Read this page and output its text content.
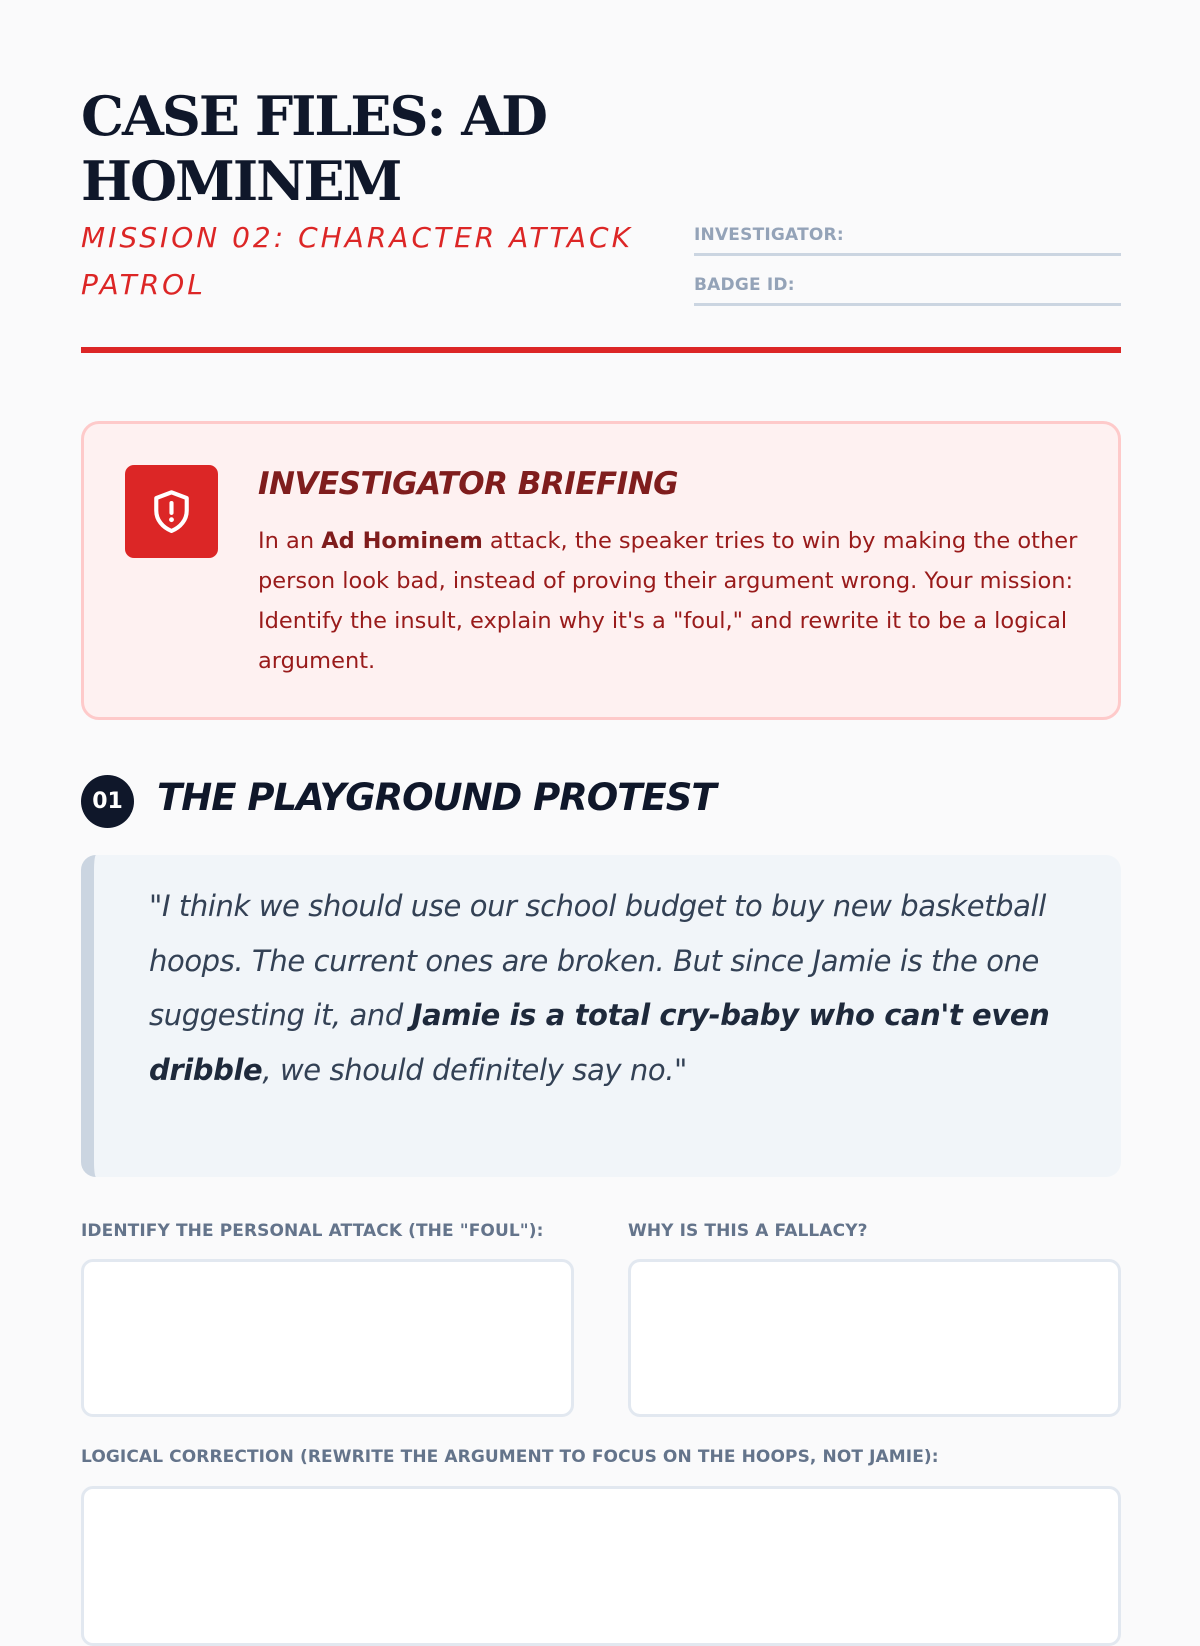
CASE FILES: AD HOMINEM

MISSION 02: CHARACTER ATTACK PATROL

INVESTIGATOR:
BADGE ID:
INVESTIGATOR BRIEFING

In an Ad Hominem attack, the speaker tries to win by making the other person look bad, instead of proving their argument wrong. Your mission: Identify the insult, explain why it's a "foul," and rewrite it to be a logical argument.

01 THE PLAYGROUND PROTEST

"I think we should use our school budget to buy new basketball hoops. The current ones are broken. But since Jamie is the one suggesting it, and Jamie is a total cry-baby who can't even dribble, we should definitely say no."

IDENTIFY THE PERSONAL ATTACK (THE "FOUL"):	WHY IS THIS A FALLACY?

LOGICAL CORRECTION (REWRITE THE ARGUMENT TO FOCUS ON THE HOOPS, NOT JAMIE):
